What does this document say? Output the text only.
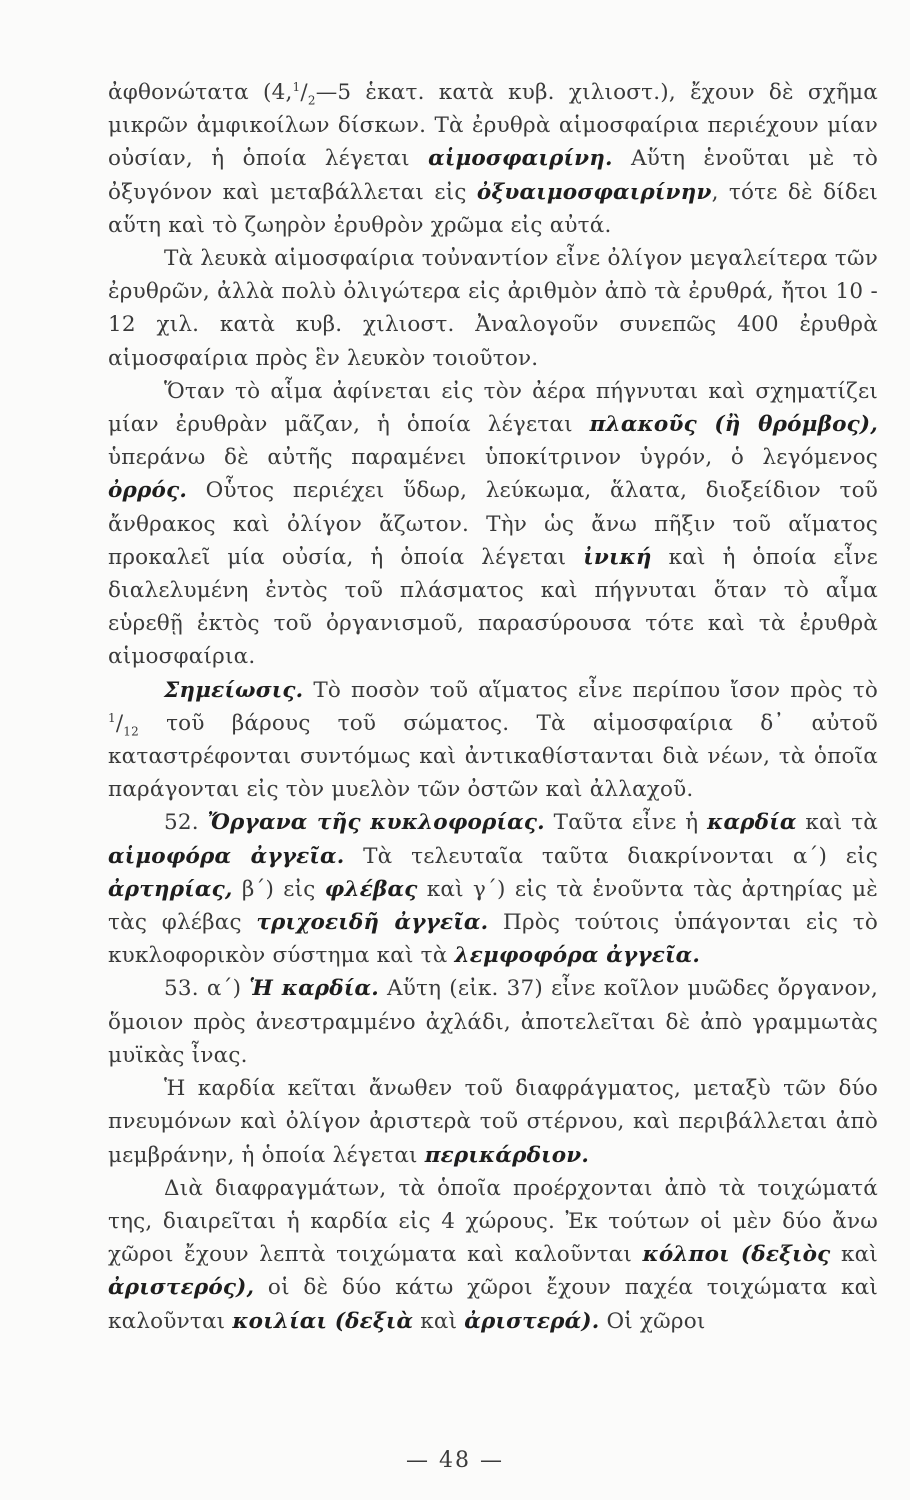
ἀφθονώτατα ($4,^1/_2—5$ ἑκατ. κατὰ κυβ. χιλιοστ.), ἔχουν δὲ σχῆμα μικρῶν ἀμφικοίλων δίσκων. Τὰ ἐρυθρὰ αἱμοσφαίρια περιέχουν μίαν οὐσίαν, ἡ ὁποία λέγεται αἱμοσφαιρίνη. Αὕτη ἑνοῦται μὲ τὸ ὀξυγόνον καὶ μεταβάλλεται εἰς ὀξυαιμοσφαιρίνην, τότε δὲ δίδει αὕτη καὶ τὸ ζωηρὸν ἐρυθρὸν χρῶμα εἰς αὐτά.

Τὰ λευκὰ αἱμοσφαίρια τοὐναντίον εἶνε ὀλίγον μεγαλείτερα τῶν ἐρυθρῶν, ἀλλὰ πολὺ ὀλιγώτερα εἰς ἀριθμὸν ἀπὸ τὰ ἐρυθρά, ἤτοι 10 - 12 χιλ. κατὰ κυβ. χιλιοστ. Ἀναλογοῦν συνεπῶς 400 ἐρυθρὰ αἱμοσφαίρια πρὸς ἓν λευκὸν τοιοῦτον.

Ὅταν τὸ αἷμα ἀφίνεται εἰς τὸν ἀέρα πήγνυται καὶ σχηματίζει μίαν ἐρυθρὰν μᾶζαν, ἡ ὁποία λέγεται πλακοῦς (ἢ θρόμβος), ὑπεράνω δὲ αὐτῆς παραμένει ὑποκίτρινον ὑγρόν, ὁ λεγόμενος ὀρρός. Οὗτος περιέχει ὕδωρ, λεύκωμα, ἅλατα, διοξείδιον τοῦ ἄνθρακος καὶ ὀλίγον ἄζωτον. Τὴν ὡς ἄνω πῆξιν τοῦ αἵματος προκαλεῖ μία οὐσία, ἡ ὁποία λέγεται ἰνική καὶ ἡ ὁποία εἶνε διαλελυμένη ἐντὸς τοῦ πλάσματος καὶ πήγνυται ὅταν τὸ αἷμα εὑρεθῇ ἐκτὸς τοῦ ὀργανισμοῦ, παρασύρουσα τότε καὶ τὰ ἐρυθρὰ αἱμοσφαίρια.

Σημείωσις. Τὸ ποσὸν τοῦ αἵματος εἶνε περίπου ἴσον πρὸς τὸ $^1/_{12}$ τοῦ βάρους τοῦ σώματος. Τὰ αἱμοσφαίρια δ᾽ αὐτοῦ καταστρέφονται συντόμως καὶ ἀντικαθίστανται διὰ νέων, τὰ ὁποῖα παράγονται εἰς τὸν μυελὸν τῶν ὀστῶν καὶ ἀλλαχοῦ.

52. Ὄργανα τῆς κυκλοφορίας. Ταῦτα εἶνε ἡ καρδία καὶ τὰ αἱμοφόρα ἀγγεῖα. Τὰ τελευταῖα ταῦτα διακρίνονται α΄) εἰς ἀρτηρίας, β΄) εἰς φλέβας καὶ γ΄) εἰς τὰ ἑνοῦντα τὰς ἀρτηρίας μὲ τὰς φλέβας τριχοειδῆ ἀγγεῖα. Πρὸς τούτοις ὑπάγονται εἰς τὸ κυκλοφορικὸν σύστημα καὶ τὰ λεμφοφόρα ἀγγεῖα.

53. α΄) Ἡ καρδία. Αὕτη (εἰκ. 37) εἶνε κοῖλον μυῶδες ὄργανον, ὅμοιον πρὸς ἀνεστραμμένο ἀχλάδι, ἀποτελεῖται δὲ ἀπὸ γραμμωτὰς μυϊκὰς ἶνας.

Ἡ καρδία κεῖται ἄνωθεν τοῦ διαφράγματος, μεταξὺ τῶν δύο πνευμόνων καὶ ὀλίγον ἀριστερὰ τοῦ στέρνου, καὶ περιβάλλεται ἀπὸ μεμβράνην, ἡ ὁποία λέγεται περικάρδιον.

Διὰ διαφραγμάτων, τὰ ὁποῖα προέρχονται ἀπὸ τὰ τοιχώματά της, διαιρεῖται ἡ καρδία εἰς 4 χώρους. Ἐκ τούτων οἱ μὲν δύο ἄνω χῶροι ἔχουν λεπτὰ τοιχώματα καὶ καλοῦνται κόλποι (δεξιὸς καὶ ἀριστερός), οἱ δὲ δύο κάτω χῶροι ἔχουν παχέα τοιχώματα καὶ καλοῦνται κοιλίαι (δεξιὰ καὶ ἀριστερά). Οἱ χῶροι

— 48 —
